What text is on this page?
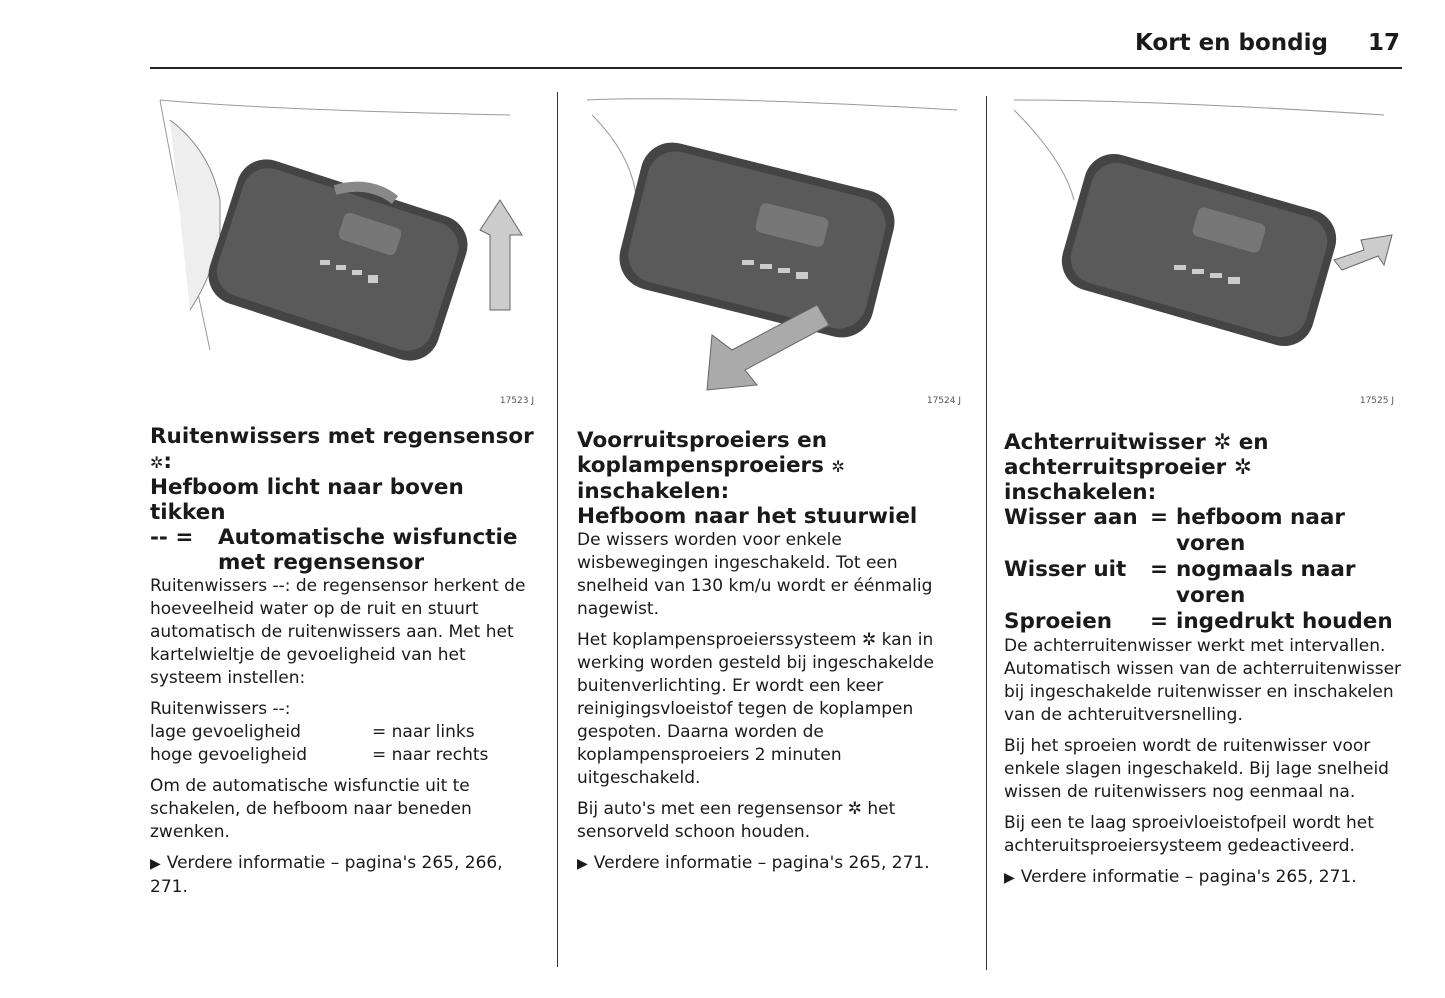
Kort en bondig 17
17523 J

Ruitenwissers met regensensor ✲:

Hefboom licht naar boven tikken

-- =	Automatische wisfunctie
met regensensor

Ruitenwissers --: de regensensor herkent de hoeveelheid water op de ruit en stuurt automatisch de ruitenwissers aan. Met het kartelwieltje de gevoeligheid van het systeem instellen:

Ruitenwissers --:

lage gevoeligheid	= naar links
hoge gevoeligheid	= naar rechts

Om de automatische wisfunctie uit te schakelen, de hefboom naar beneden zwenken.

▶ Verdere informatie – pagina's 265, 266, 271.

17524 J

Voorruitsproeiers en

koplampensproeiers ✲

inschakelen:

Hefboom naar het stuurwiel

De wissers worden voor enkele wisbewegingen ingeschakeld. Tot een snelheid van 130 km/u wordt er éénmalig nagewist.

Het koplampensproeierssysteem ✲ kan in werking worden gesteld bij ingeschakelde buitenverlichting. Er wordt een keer reinigingsvloeistof tegen de koplampen gespoten. Daarna worden de koplampensproeiers 2 minuten uitgeschakeld.

Bij auto's met een regensensor ✲ het sensorveld schoon houden.

▶ Verdere informatie – pagina's 265, 271.

17525 J

Achterruitwisser ✲ en

achterruitsproeier ✲ inschakelen:

Wisser aan = hefboom naar voren
Wisser uit	= nogmaals naar voren
Sproeien	= ingedrukt houden

De achterruitenwisser werkt met intervallen. Automatisch wissen van de achterruitenwisser bij ingeschakelde ruitenwisser en inschakelen van de achteruitversnelling.

Bij het sproeien wordt de ruitenwisser voor enkele slagen ingeschakeld. Bij lage snelheid wissen de ruitenwissers nog eenmaal na.

Bij een te laag sproeivloeistofpeil wordt het achteruitsproeiersysteem gedeactiveerd.

▶ Verdere informatie – pagina's 265, 271.
